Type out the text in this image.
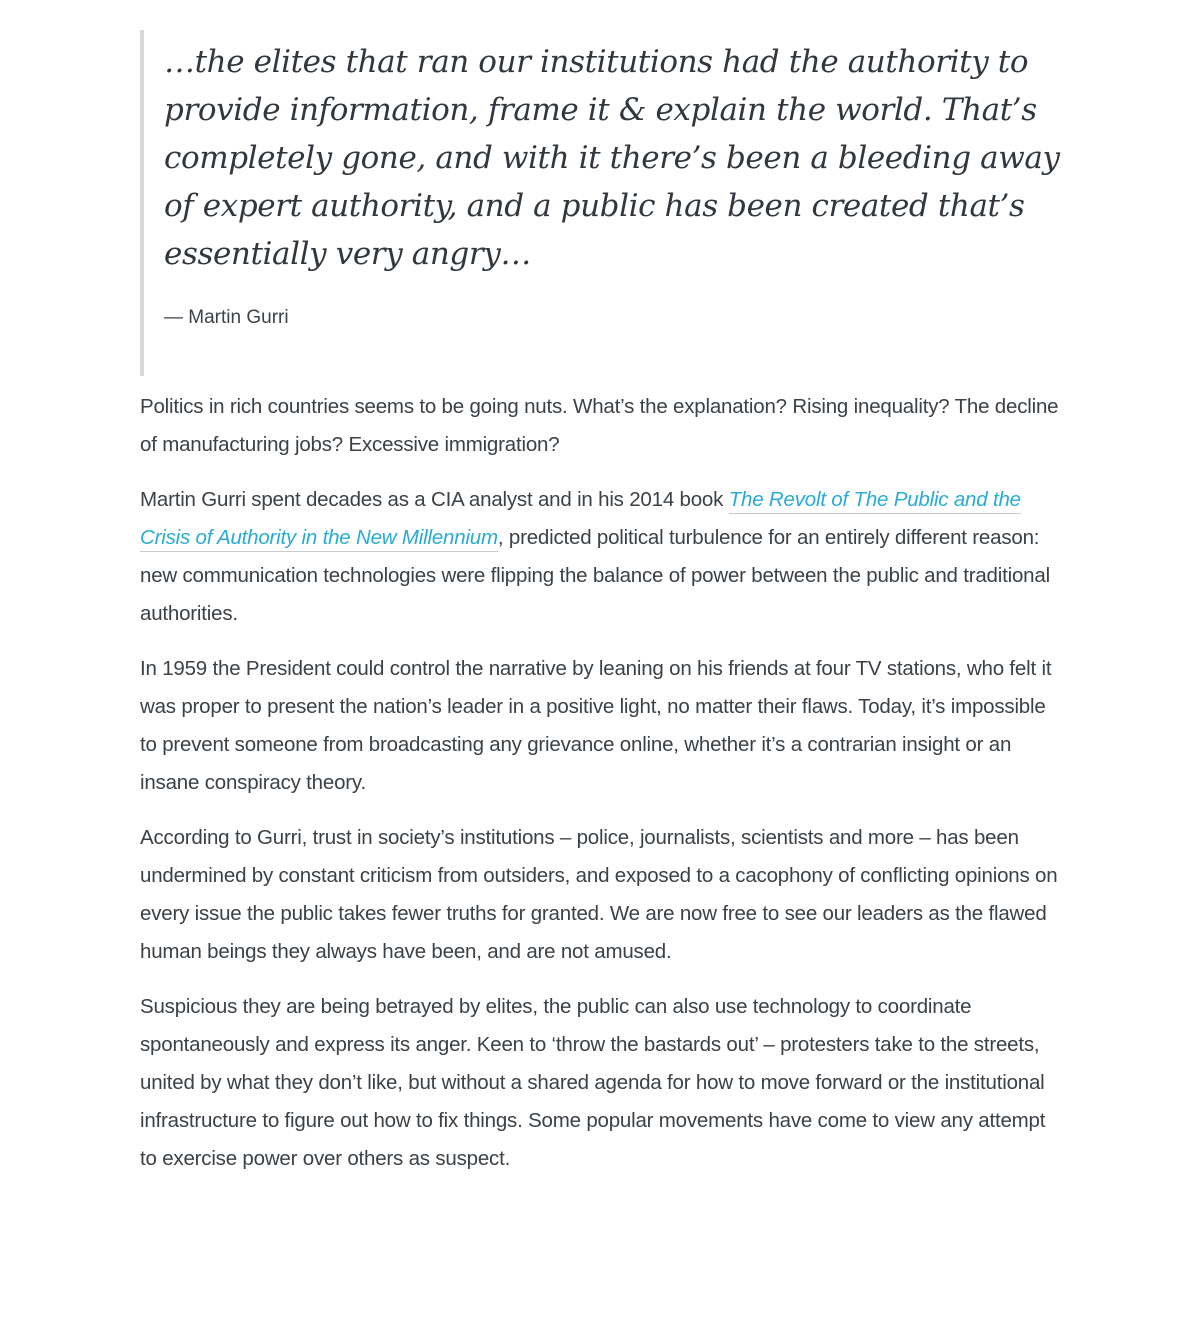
…the elites that ran our institutions had the authority to provide information, frame it & explain the world. That’s completely gone, and with it there’s been a bleeding away of expert authority, and a public has been created that’s essentially very angry…

— Martin Gurri

Politics in rich countries seems to be going nuts. What’s the explanation? Rising inequality? The decline of manufacturing jobs? Excessive immigration?

Martin Gurri spent decades as a CIA analyst and in his 2014 book The Revolt of The Public and the Crisis of Authority in the New Millennium, predicted political turbulence for an entirely different reason: new communication technologies were flipping the balance of power between the public and traditional authorities.

In 1959 the President could control the narrative by leaning on his friends at four TV stations, who felt it was proper to present the nation’s leader in a positive light, no matter their flaws. Today, it’s impossible to prevent someone from broadcasting any grievance online, whether it’s a contrarian insight or an insane conspiracy theory.

According to Gurri, trust in society’s institutions – police, journalists, scientists and more – has been undermined by constant criticism from outsiders, and exposed to a cacophony of conflicting opinions on every issue the public takes fewer truths for granted. We are now free to see our leaders as the flawed human beings they always have been, and are not amused.

Suspicious they are being betrayed by elites, the public can also use technology to coordinate spontaneously and express its anger. Keen to ‘throw the bastards out’ – protesters take to the streets, united by what they don’t like, but without a shared agenda for how to move forward or the institutional infrastructure to figure out how to fix things. Some popular movements have come to view any attempt to exercise power over others as suspect.
